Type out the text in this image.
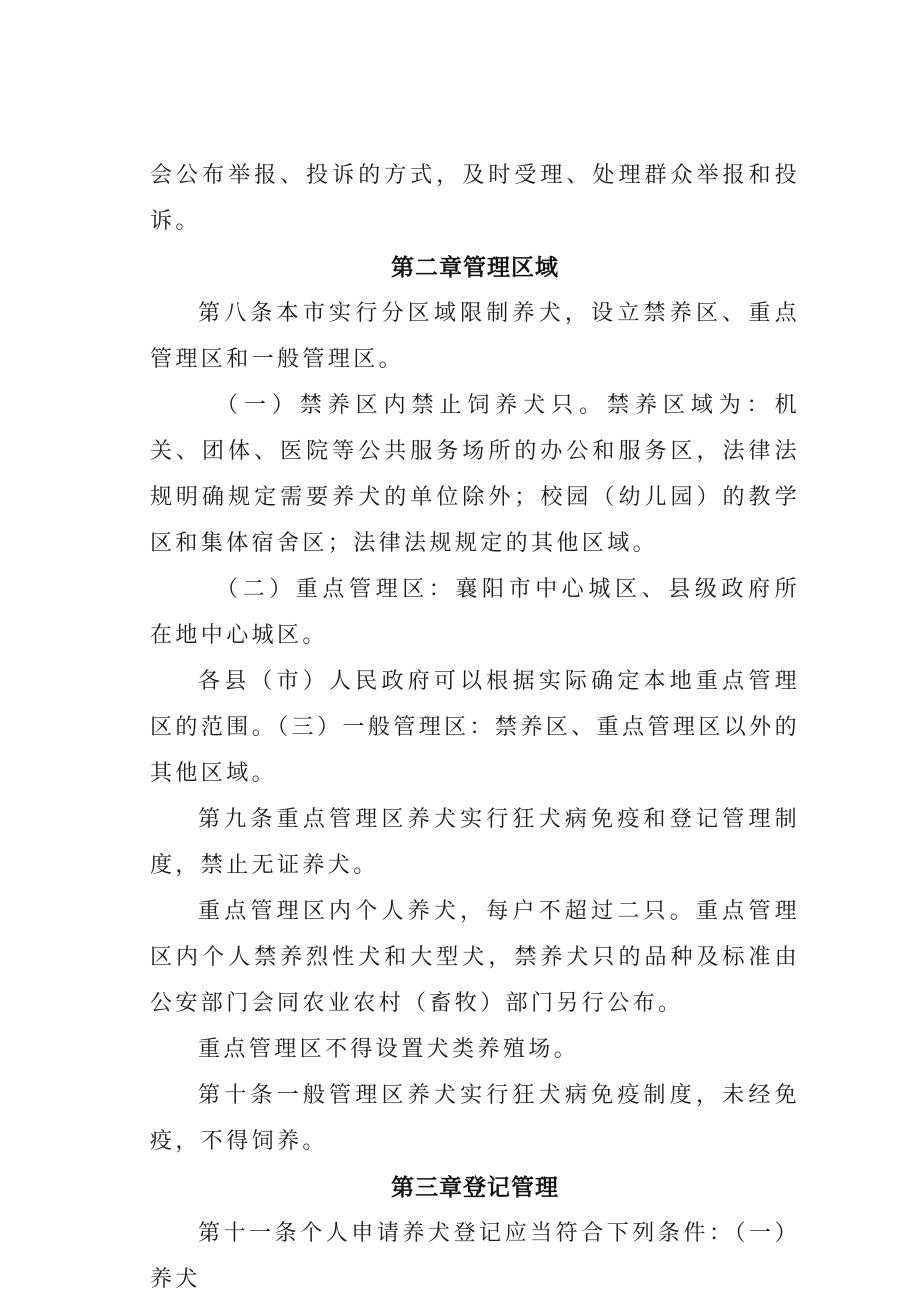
会公布举报、投诉的方式，及时受理、处理群众举报和投诉。

第二章管理区域

第八条本市实行分区域限制养犬，设立禁养区、重点管理区和一般管理区。

（一）禁养区内禁止饲养犬只。禁养区域为：机关、团体、医院等公共服务场所的办公和服务区，法律法规明确规定需要养犬的单位除外；校园（幼儿园）的教学区和集体宿舍区；法律法规规定的其他区域。

（二）重点管理区：襄阳市中心城区、县级政府所在地中心城区。

各县（市）人民政府可以根据实际确定本地重点管理区的范围。（三）一般管理区：禁养区、重点管理区以外的其他区域。

第九条重点管理区养犬实行狂犬病免疫和登记管理制度，禁止无证养犬。

重点管理区内个人养犬，每户不超过二只。重点管理区内个人禁养烈性犬和大型犬，禁养犬只的品种及标准由公安部门会同农业农村（畜牧）部门另行公布。

重点管理区不得设置犬类养殖场。

第十条一般管理区养犬实行狂犬病免疫制度，未经免疫，不得饲养。

第三章登记管理

第十一条个人申请养犬登记应当符合下列条件：（一）养犬
